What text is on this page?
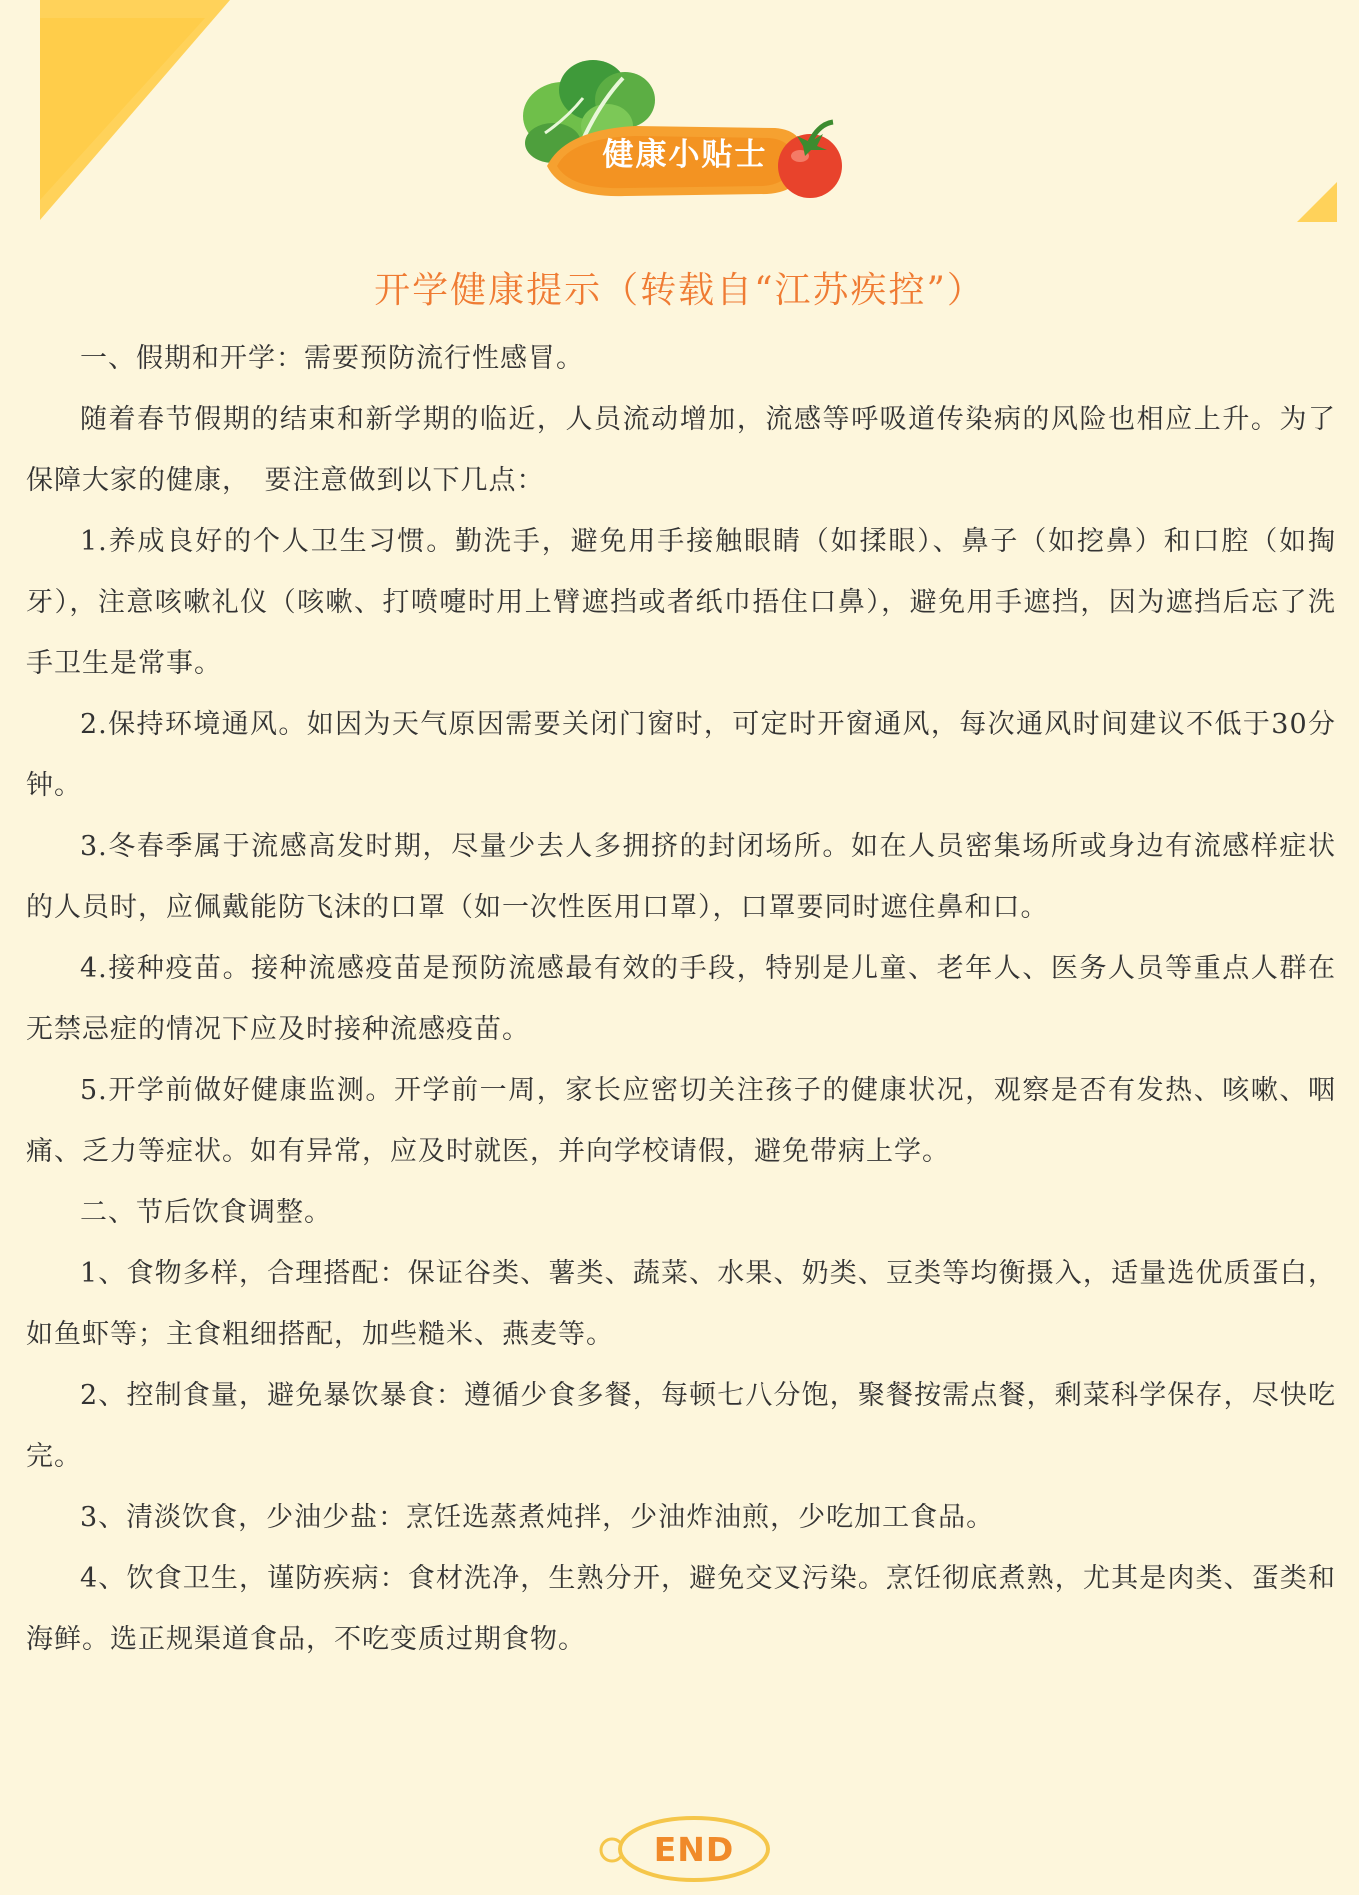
健康小贴士
开学健康提示（转载自“江苏疾控”）

一、假期和开学：需要预防流行性感冒。

随着春节假期的结束和新学期的临近，人员流动增加，流感等呼吸道传染病的风险也相应上升。为了保障大家的健康，　要注意做到以下几点：

1.养成良好的个人卫生习惯。勤洗手，避免用手接触眼睛（如揉眼）、鼻子（如挖鼻）和口腔（如掏牙），注意咳嗽礼仪（咳嗽、打喷嚏时用上臂遮挡或者纸巾捂住口鼻），避免用手遮挡，因为遮挡后忘了洗手卫生是常事。

2.保持环境通风。如因为天气原因需要关闭门窗时，可定时开窗通风，每次通风时间建议不低于30分钟。

3.冬春季属于流感高发时期，尽量少去人多拥挤的封闭场所。如在人员密集场所或身边有流感样症状的人员时，应佩戴能防飞沫的口罩（如一次性医用口罩），口罩要同时遮住鼻和口。

4.接种疫苗。接种流感疫苗是预防流感最有效的手段，特别是儿童、老年人、医务人员等重点人群在无禁忌症的情况下应及时接种流感疫苗。

5.开学前做好健康监测。开学前一周，家长应密切关注孩子的健康状况，观察是否有发热、咳嗽、咽痛、乏力等症状。如有异常，应及时就医，并向学校请假，避免带病上学。

二、节后饮食调整。

1、食物多样，合理搭配：保证谷类、薯类、蔬菜、水果、奶类、豆类等均衡摄入，适量选优质蛋白，如鱼虾等；主食粗细搭配，加些糙米、燕麦等。

2、控制食量，避免暴饮暴食：遵循少食多餐，每顿七八分饱，聚餐按需点餐，剩菜科学保存，尽快吃完。

3、清淡饮食，少油少盐：烹饪选蒸煮炖拌，少油炸油煎，少吃加工食品。

4、饮食卫生，谨防疾病：食材洗净，生熟分开，避免交叉污染。烹饪彻底煮熟，尤其是肉类、蛋类和海鲜。选正规渠道食品，不吃变质过期食物。

END
